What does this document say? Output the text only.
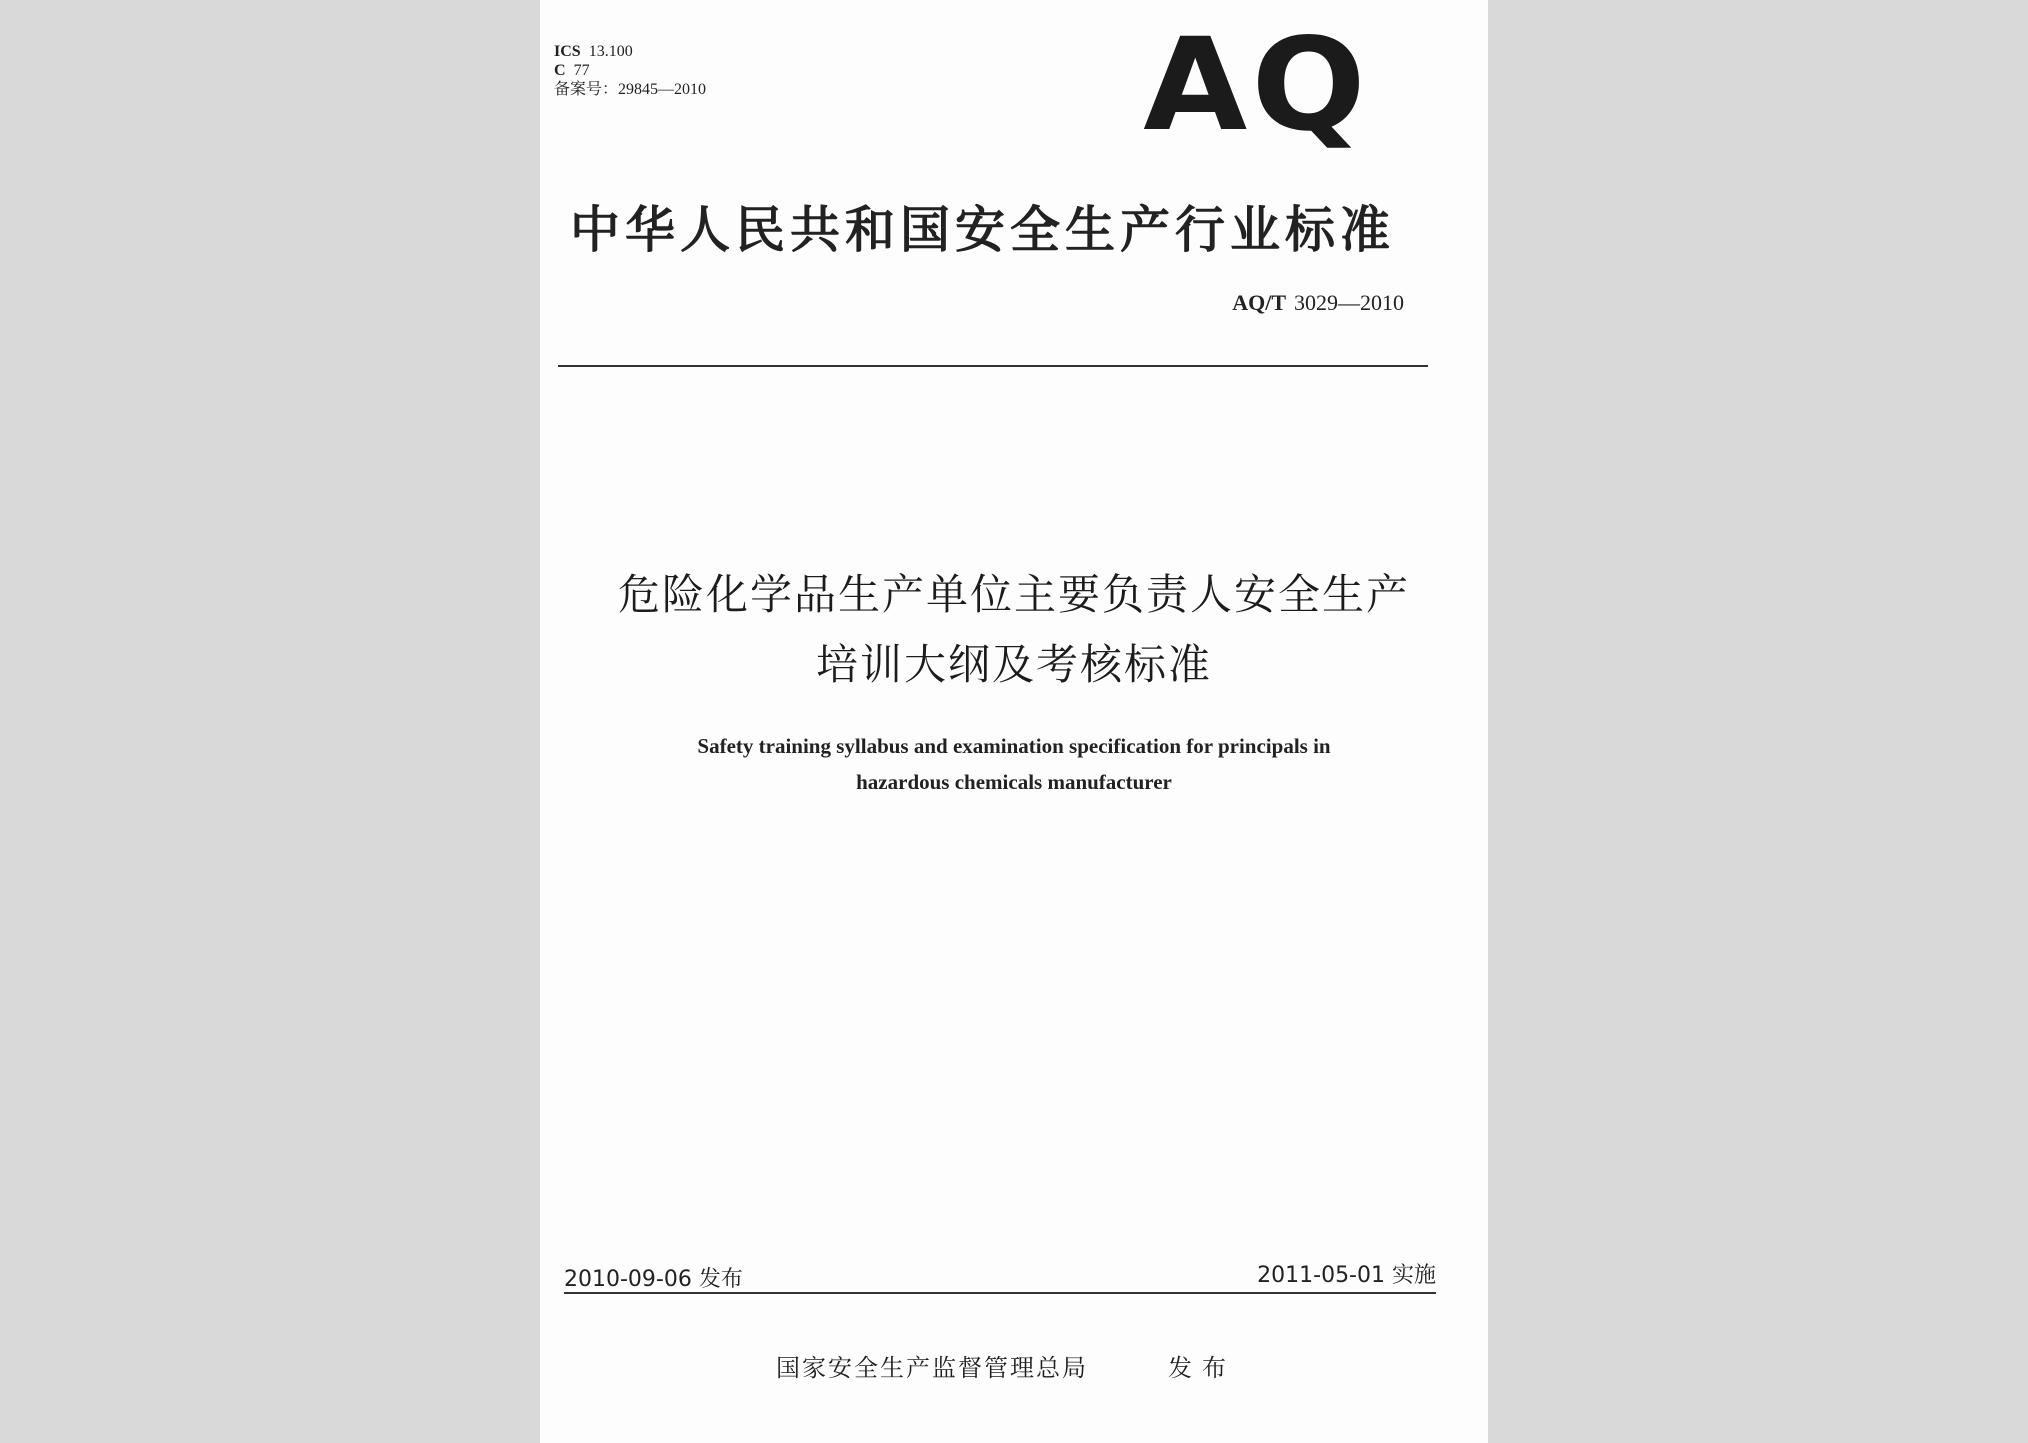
ICS 13.100
C 77
备案号：29845—2010	AQ
中华人民共和国安全生产行业标准
AQ/T 3029—2010
危险化学品生产单位主要负责人安全生产
培训大纲及考核标准
Safety training syllabus and examination specification for principals in
hazardous chemicals manufacturer
2010-09-06 发布	2011-05-01 实施
国家安全生产监督管理总局	发布
